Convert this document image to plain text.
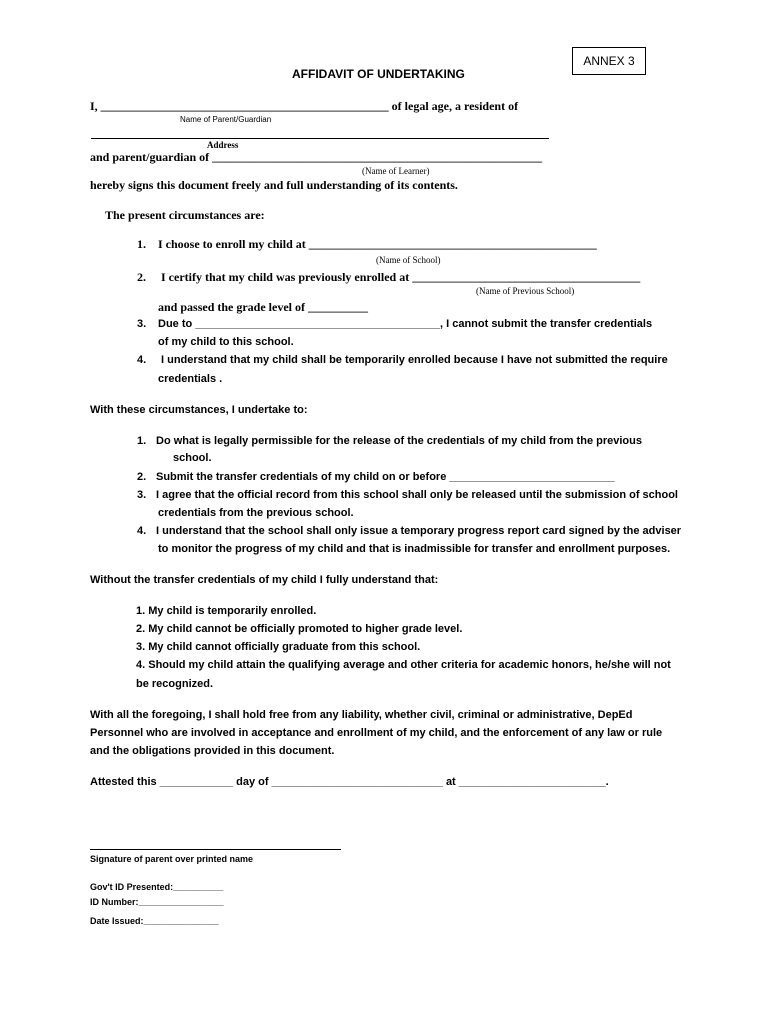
ANNEX 3
AFFIDAVIT OF UNDERTAKING
I, ________________________________________________ of legal age, a resident of
Name of Parent/Guardian
Address
and parent/guardian of _______________________________________________________
(Name of Learner)
hereby signs this document freely and full understanding of its contents.
The present circumstances are:
1. I choose to enroll my child at ________________________________________________
(Name of School)
2. I certify that my child was previously enrolled at ______________________________________
(Name of Previous School)
and passed the grade level of __________
3. Due to ________________________________________, I cannot submit the transfer credentials
of my child to this school.
4. I understand that my child shall be temporarily enrolled because I have not submitted the require
credentials .
With these circumstances, I undertake to:
1. Do what is legally permissible for the release of the credentials of my child from the previous
school.
2. Submit the transfer credentials of my child on or before ___________________________
3. I agree that the official record from this school shall only be released until the submission of school
credentials from the previous school.
4. I understand that the school shall only issue a temporary progress report card signed by the adviser
to monitor the progress of my child and that is inadmissible for transfer and enrollment purposes.
Without the transfer credentials of my child I fully understand that:
1. My child is temporarily enrolled.
2. My child cannot be officially promoted to higher grade level.
3. My child cannot officially graduate from this school.
4. Should my child attain the qualifying average and other criteria for academic honors, he/she will not
be recognized.
With all the foregoing, I shall hold free from any liability, whether civil, criminal or administrative, DepEd
Personnel who are involved in acceptance and enrollment of my child, and the enforcement of any law or rule
and the obligations provided in this document.
Attested this ____________ day of ____________________________ at ________________________.
Signature of parent over printed name
Gov't ID Presented:__________
ID Number:_________________
Date Issued:_______________
